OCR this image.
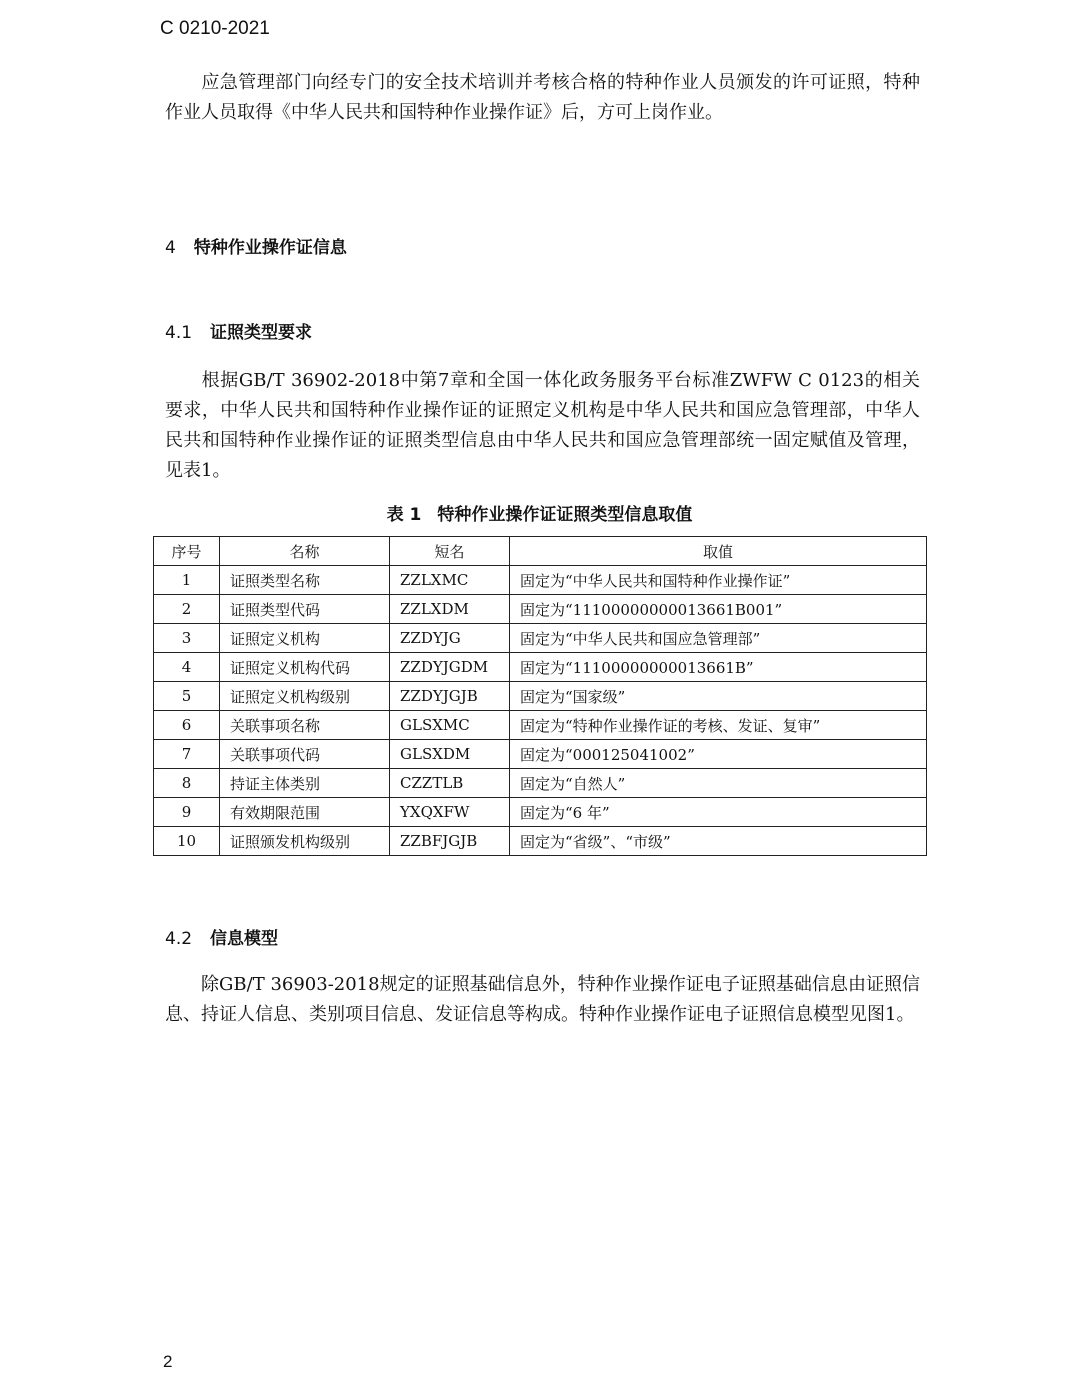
C 0210-2021

应急管理部门向经专门的安全技术培训并考核合格的特种作业人员颁发的许可证照，特种作业人员取得《中华人民共和国特种作业操作证》后，方可上岗作业。

4 特种作业操作证信息
4.1 证照类型要求

根据GB/T 36902-2018中第7章和全国一体化政务服务平台标准ZWFW C 0123的相关要求，中华人民共和国特种作业操作证的证照定义机构是中华人民共和国应急管理部，中华人民共和国特种作业操作证的证照类型信息由中华人民共和国应急管理部统一固定赋值及管理，见表1。

表 1 特种作业操作证证照类型信息取值
序号	名称	短名	取值
1	证照类型名称	ZZLXMC	固定为“中华人民共和国特种作业操作证”
2	证照类型代码	ZZLXDM	固定为“11100000000013661B001”
3	证照定义机构	ZZDYJG	固定为“中华人民共和国应急管理部”
4	证照定义机构代码	ZZDYJGDM	固定为“11100000000013661B”
5	证照定义机构级别	ZZDYJGJB	固定为“国家级”
6	关联事项名称	GLSXMC	固定为“特种作业操作证的考核、发证、复审”
7	关联事项代码	GLSXDM	固定为“000125041002”
8	持证主体类别	CZZTLB	固定为“自然人”
9	有效期限范围	YXQXFW	固定为“6 年”
10	证照颁发机构级别	ZZBFJGJB	固定为“省级”、“市级”
4.2 信息模型

除GB/T 36903-2018规定的证照基础信息外，特种作业操作证电子证照基础信息由证照信息、持证人信息、类别项目信息、发证信息等构成。特种作业操作证电子证照信息模型见图1。

2
